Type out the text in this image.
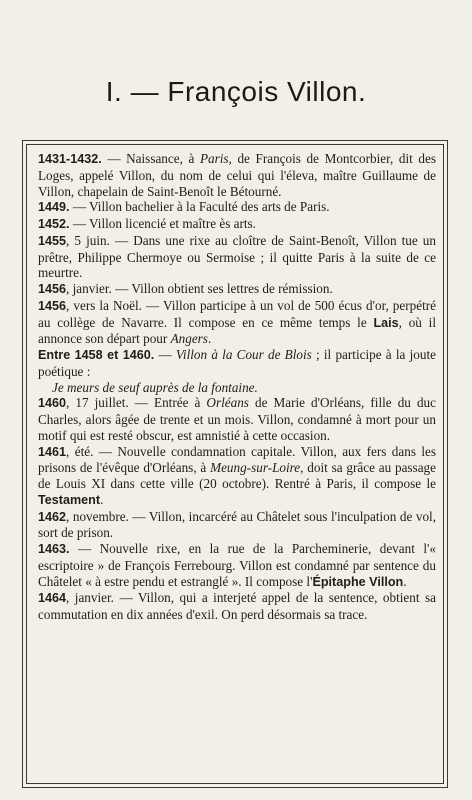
I. — François Villon.

1431-1432. — Naissance, à Paris, de François de Montcorbier, dit des Loges, appelé Villon, du nom de celui qui l'éleva, maître Guillaume de Villon, chapelain de Saint-Benoît le Bétourné.

1449. — Villon bachelier à la Faculté des arts de Paris.

1452. — Villon licencié et maître ès arts.

1455, 5 juin. — Dans une rixe au cloître de Saint-Benoît, Villon tue un prêtre, Philippe Chermoye ou Sermoise ; il quitte Paris à la suite de ce meurtre.

1456, janvier. — Villon obtient ses lettres de rémission.

1456, vers la Noël. — Villon participe à un vol de 500 écus d'or, perpétré au collège de Navarre. Il compose en ce même temps le Lais, où il annonce son départ pour Angers.

Entre 1458 et 1460. — Villon à la Cour de Blois ; il participe à la joute poétique :
Je meurs de seuf auprès de la fontaine.

1460, 17 juillet. — Entrée à Orléans de Marie d'Orléans, fille du duc Charles, alors âgée de trente et un mois. Villon, condamné à mort pour un motif qui est resté obscur, est amnistié à cette occasion.

1461, été. — Nouvelle condamnation capitale. Villon, aux fers dans les prisons de l'évêque d'Orléans, à Meung-sur-Loire, doit sa grâce au passage de Louis XI dans cette ville (20 octobre). Rentré à Paris, il compose le Testament.

1462, novembre. — Villon, incarcéré au Châtelet sous l'inculpation de vol, sort de prison.

1463. — Nouvelle rixe, en la rue de la Parcheminerie, devant l'« escriptoire » de François Ferrebourg. Villon est condamné par sentence du Châtelet « à estre pendu et estranglé ». Il compose l'Épitaphe Villon.

1464, janvier. — Villon, qui a interjeté appel de la sentence, obtient sa commutation en dix années d'exil. On perd désormais sa trace.
